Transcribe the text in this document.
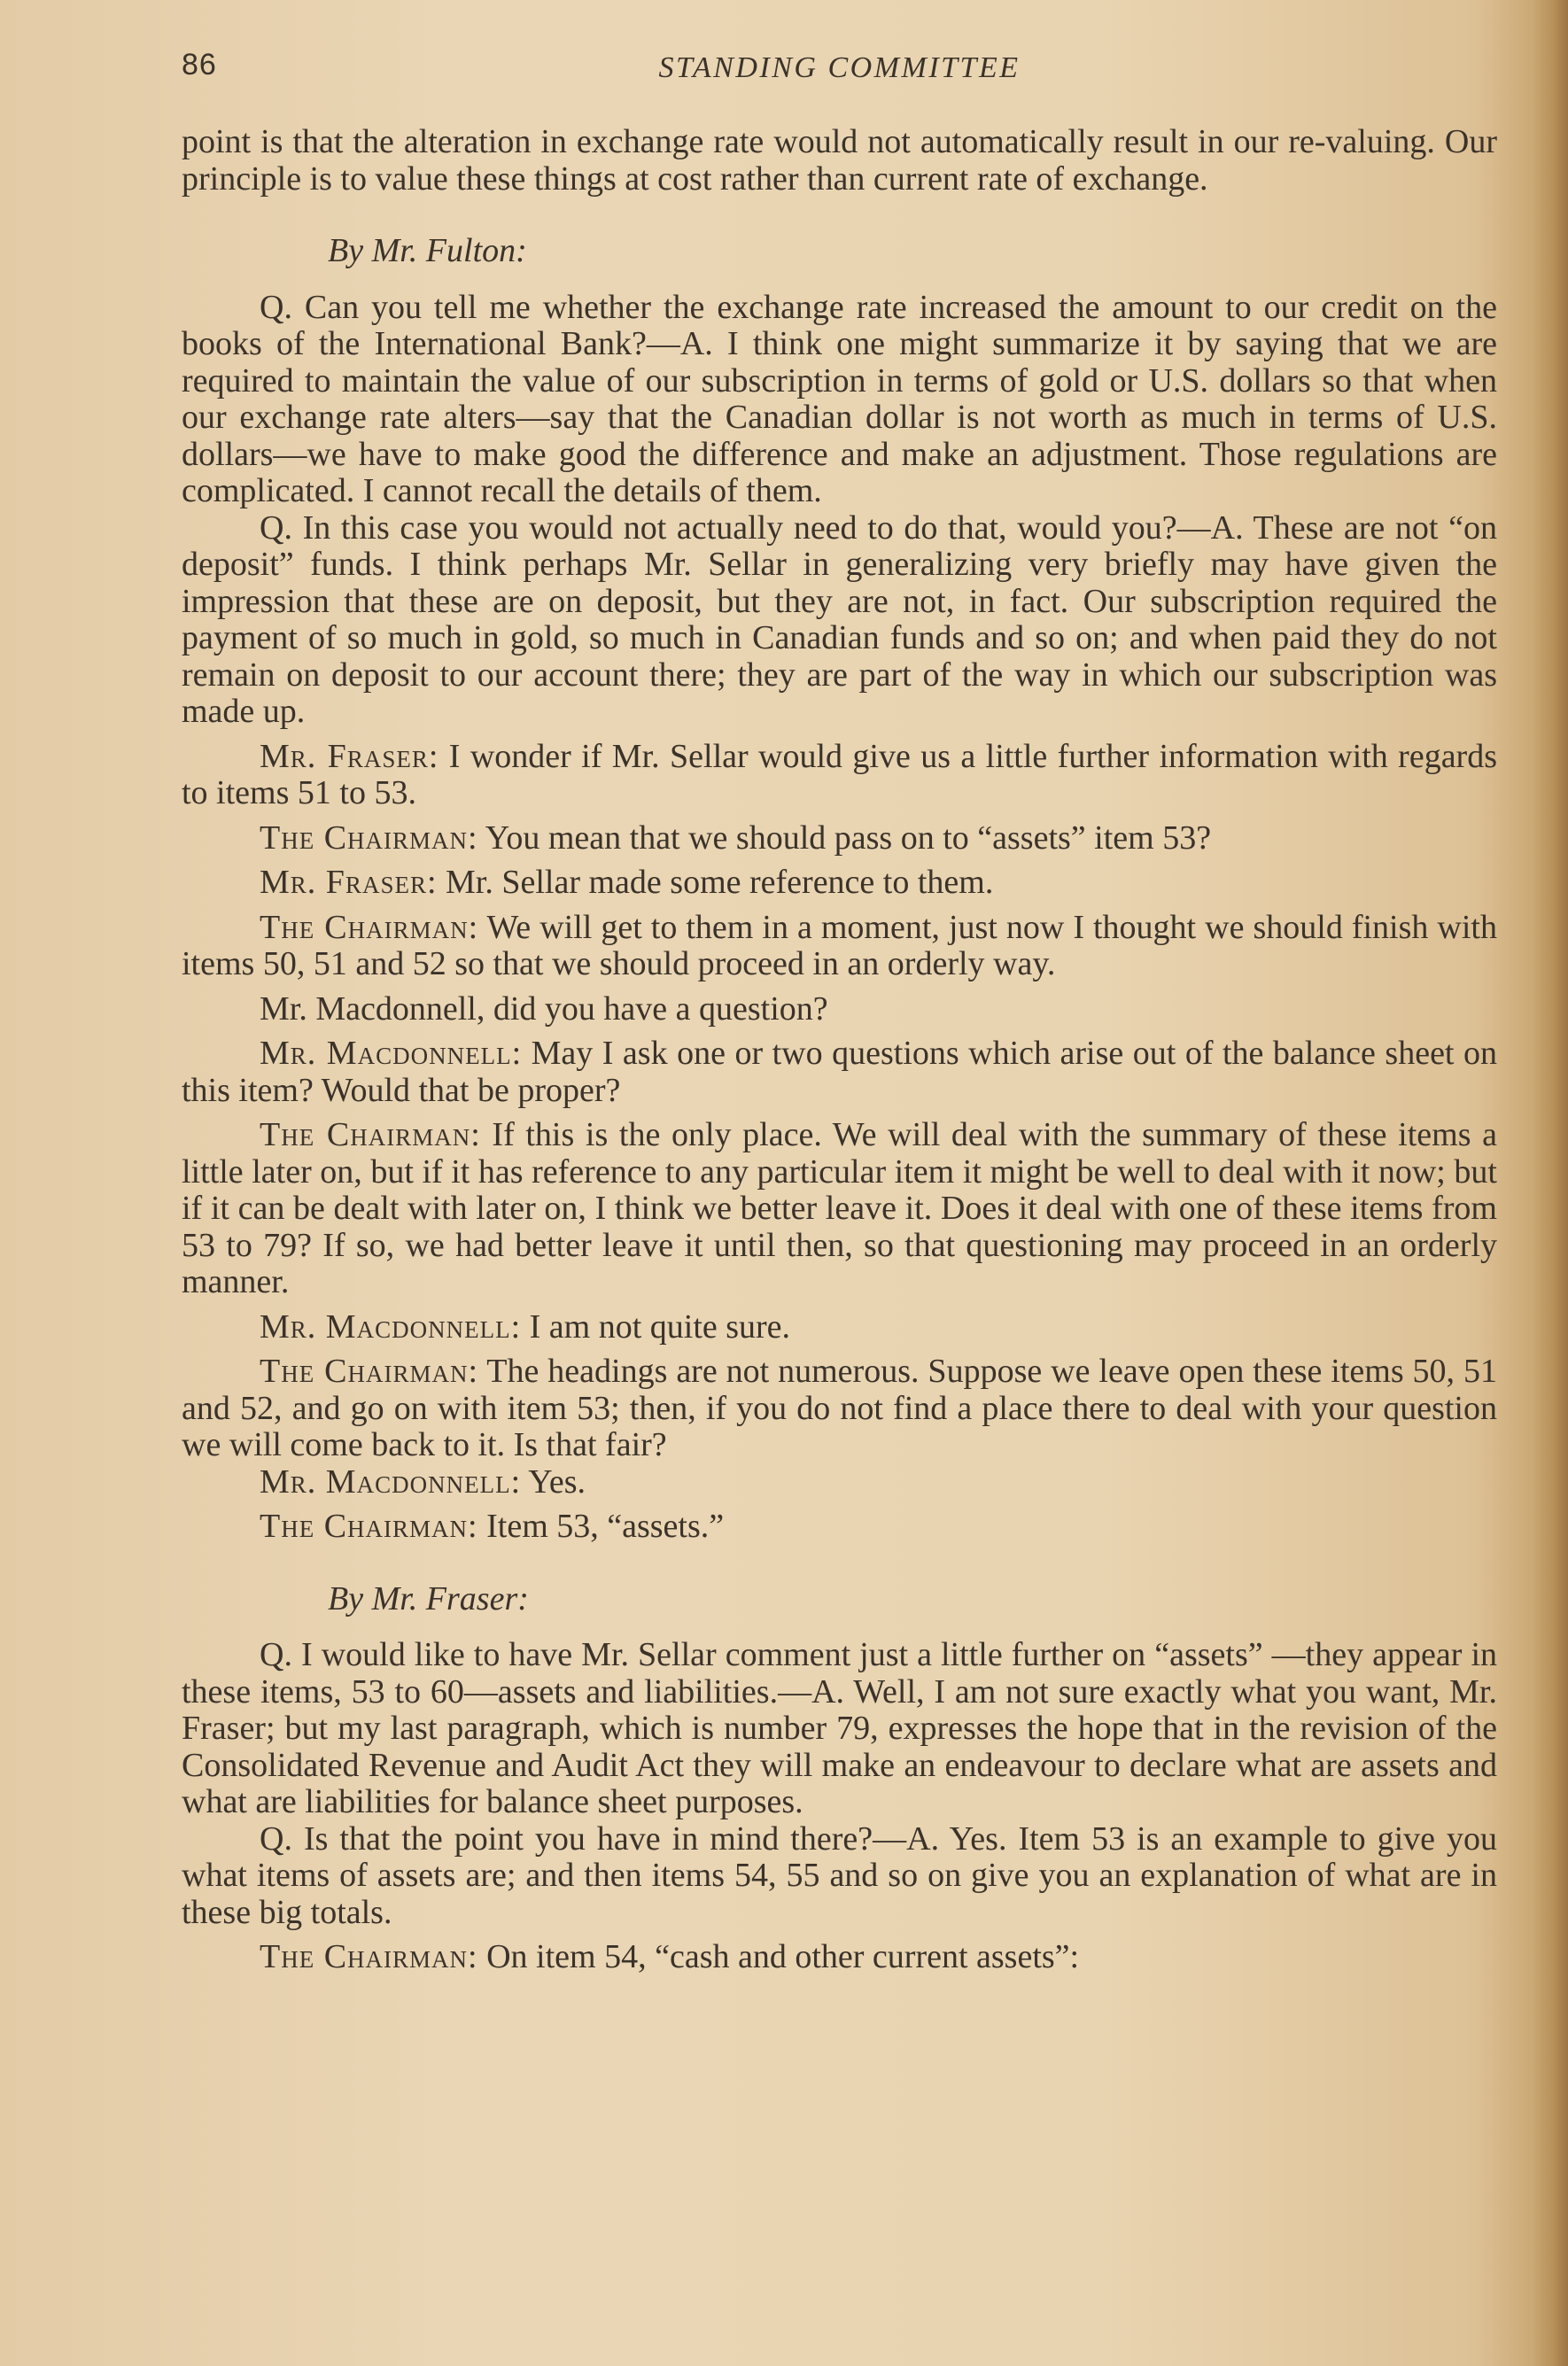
86	STANDING COMMITTEE

point is that the alteration in exchange rate would not automatically result in our re-valuing. Our principle is to value these things at cost rather than current rate of exchange.

By Mr. Fulton:

Q. Can you tell me whether the exchange rate increased the amount to our credit on the books of the International Bank?—A. I think one might summarize it by saying that we are required to maintain the value of our subscription in terms of gold or U.S. dollars so that when our exchange rate alters—say that the Canadian dollar is not worth as much in terms of U.S. dollars—we have to make good the difference and make an adjustment. Those regulations are complicated. I cannot recall the details of them.

Q. In this case you would not actually need to do that, would you?—A. These are not “on deposit” funds. I think perhaps Mr. Sellar in generalizing very briefly may have given the impression that these are on deposit, but they are not, in fact. Our subscription required the payment of so much in gold, so much in Canadian funds and so on; and when paid they do not remain on deposit to our account there; they are part of the way in which our subscription was made up.

Mr. Fraser: I wonder if Mr. Sellar would give us a little further information with regards to items 51 to 53.

The Chairman: You mean that we should pass on to “assets” item 53?

Mr. Fraser: Mr. Sellar made some reference to them.

The Chairman: We will get to them in a moment, just now I thought we should finish with items 50, 51 and 52 so that we should proceed in an orderly way.

Mr. Macdonnell, did you have a question?

Mr. Macdonnell: May I ask one or two questions which arise out of the balance sheet on this item? Would that be proper?

The Chairman: If this is the only place. We will deal with the summary of these items a little later on, but if it has reference to any particular item it might be well to deal with it now; but if it can be dealt with later on, I think we better leave it. Does it deal with one of these items from 53 to 79? If so, we had better leave it until then, so that questioning may proceed in an orderly manner.

Mr. Macdonnell: I am not quite sure.

The Chairman: The headings are not numerous. Suppose we leave open these items 50, 51 and 52, and go on with item 53; then, if you do not find a place there to deal with your question we will come back to it. Is that fair?

Mr. Macdonnell: Yes.

The Chairman: Item 53, “assets.”

By Mr. Fraser:

Q. I would like to have Mr. Sellar comment just a little further on “assets” —they appear in these items, 53 to 60—assets and liabilities.—A. Well, I am not sure exactly what you want, Mr. Fraser; but my last paragraph, which is number 79, expresses the hope that in the revision of the Consolidated Revenue and Audit Act they will make an endeavour to declare what are assets and what are liabilities for balance sheet purposes.

Q. Is that the point you have in mind there?—A. Yes. Item 53 is an example to give you what items of assets are; and then items 54, 55 and so on give you an explanation of what are in these big totals.

The Chairman: On item 54, “cash and other current assets”:
